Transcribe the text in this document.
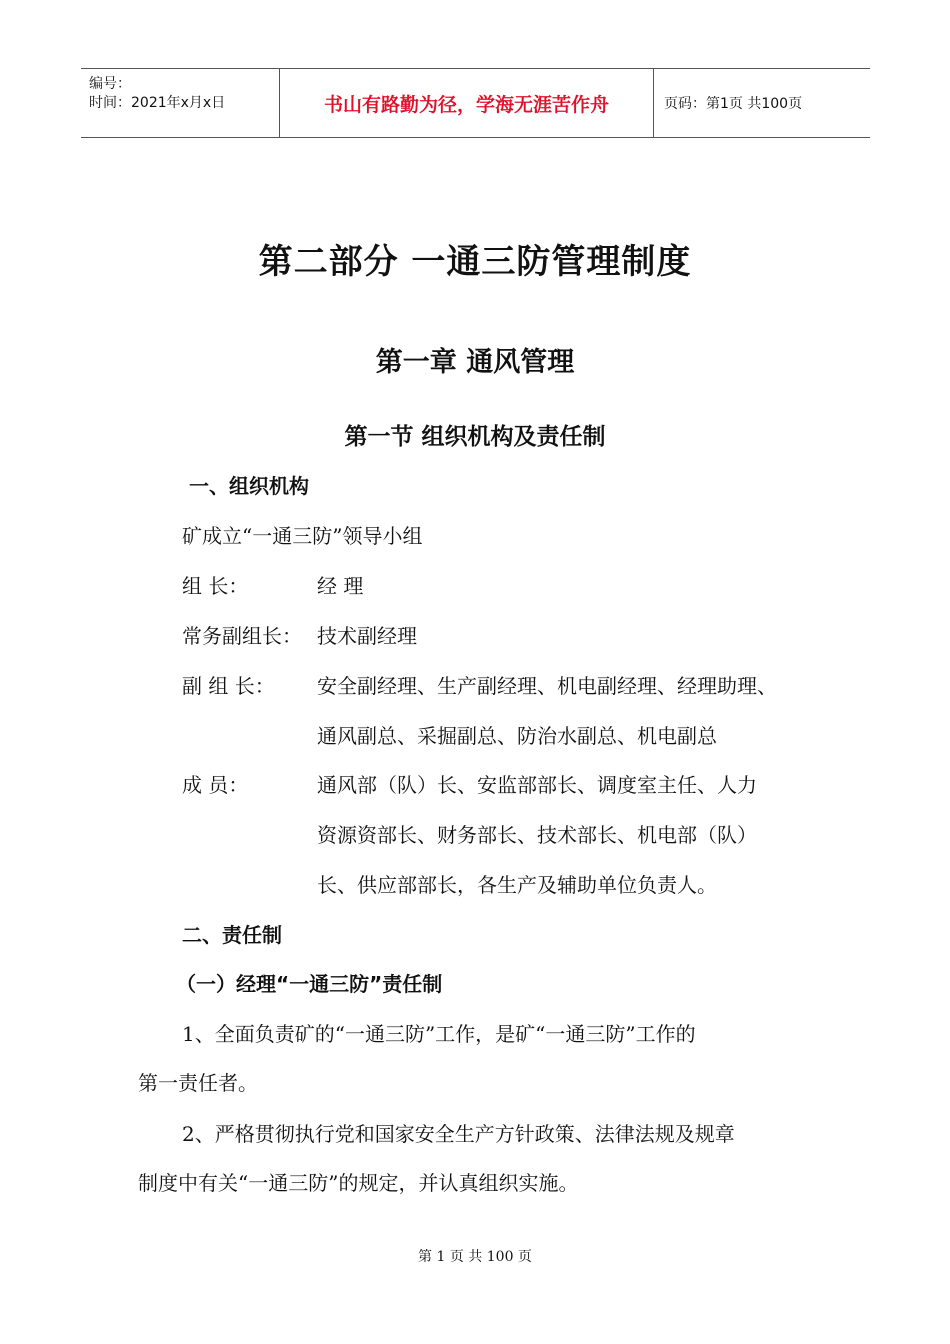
编号：
时间：2021年x月x日	书山有路勤为径，学海无涯苦作舟	页码：第1页 共100页
第二部分 一通三防管理制度
第一章 通风管理
第一节 组织机构及责任制
一、组织机构
矿成立“一通三防”领导小组
组 长：	经 理
常务副组长： 技术副经理
副 组 长： 安全副经理、生产副经理、机电副经理、经理助理、
通风副总、采掘副总、防治水副总、机电副总
成 员：	通风部（队）长、安监部部长、调度室主任、人力
资源资部长、财务部长、技术部长、机电部（队）
长、供应部部长，各生产及辅助单位负责人。
二、责任制
（一）经理“一通三防”责任制
1、全面负责矿的“一通三防”工作，是矿“一通三防”工作的
第一责任者。
2、严格贯彻执行党和国家安全生产方针政策、法律法规及规章
制度中有关“一通三防”的规定，并认真组织实施。
第 1 页 共 100 页
